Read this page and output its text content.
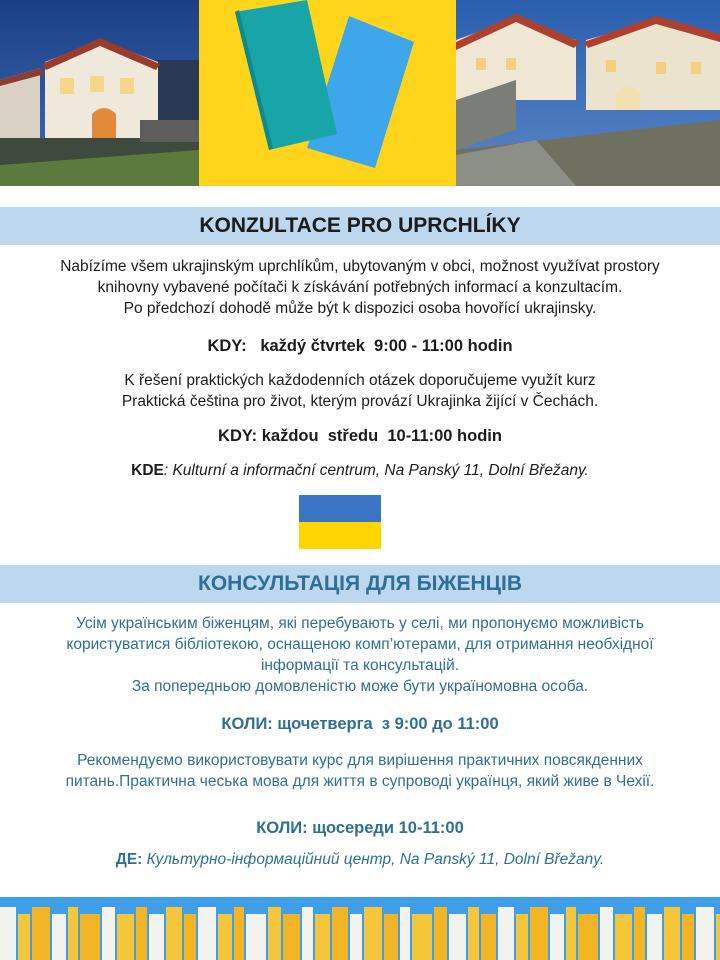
KONZULTACE PRO UPRCHLÍKY
Nabízíme všem ukrajinským uprchlíkům, ubytovaným v obci, možnost využívat prostory
knihovny vybavené počítači k získávání potřebných informací a konzultacím.
Po předchozí dohodě může být k dispozici osoba hovořící ukrajinsky.
KDY: každý čtvrtek  9:00 - 11:00 hodin
K řešení praktických každodenních otázek doporučujeme využít kurz
Praktická čeština pro život, kterým provází Ukrajinka žijící v Čechách.
KDY: každou  středu  10-11:00 hodin
KDE: Kulturní a informační centrum, Na Panský 11, Dolní Břežany.
КОНСУЛЬТАЦІЯ ДЛЯ БІЖЕНЦІВ
Усім українським біженцям, які перебувають у селі, ми пропонуємо можливість
користуватися бібліотекою, оснащеною комп’ютерами, для отримання необхідної
інформації та консультацій.
За попередньою домовленістю може бути україномовна особа.
КОЛИ: щочетверга  з 9:00 до 11:00
Рекомендуємо використовувати курс для вирішення практичних повсякденних
питань.Практична чеська мова для життя в супроводі українця, який живе в Чехії.
КОЛИ: щосереди 10-11:00
ДЕ: Культурно-інформаційний центр, Na Panský 11, Dolní Břežany.
